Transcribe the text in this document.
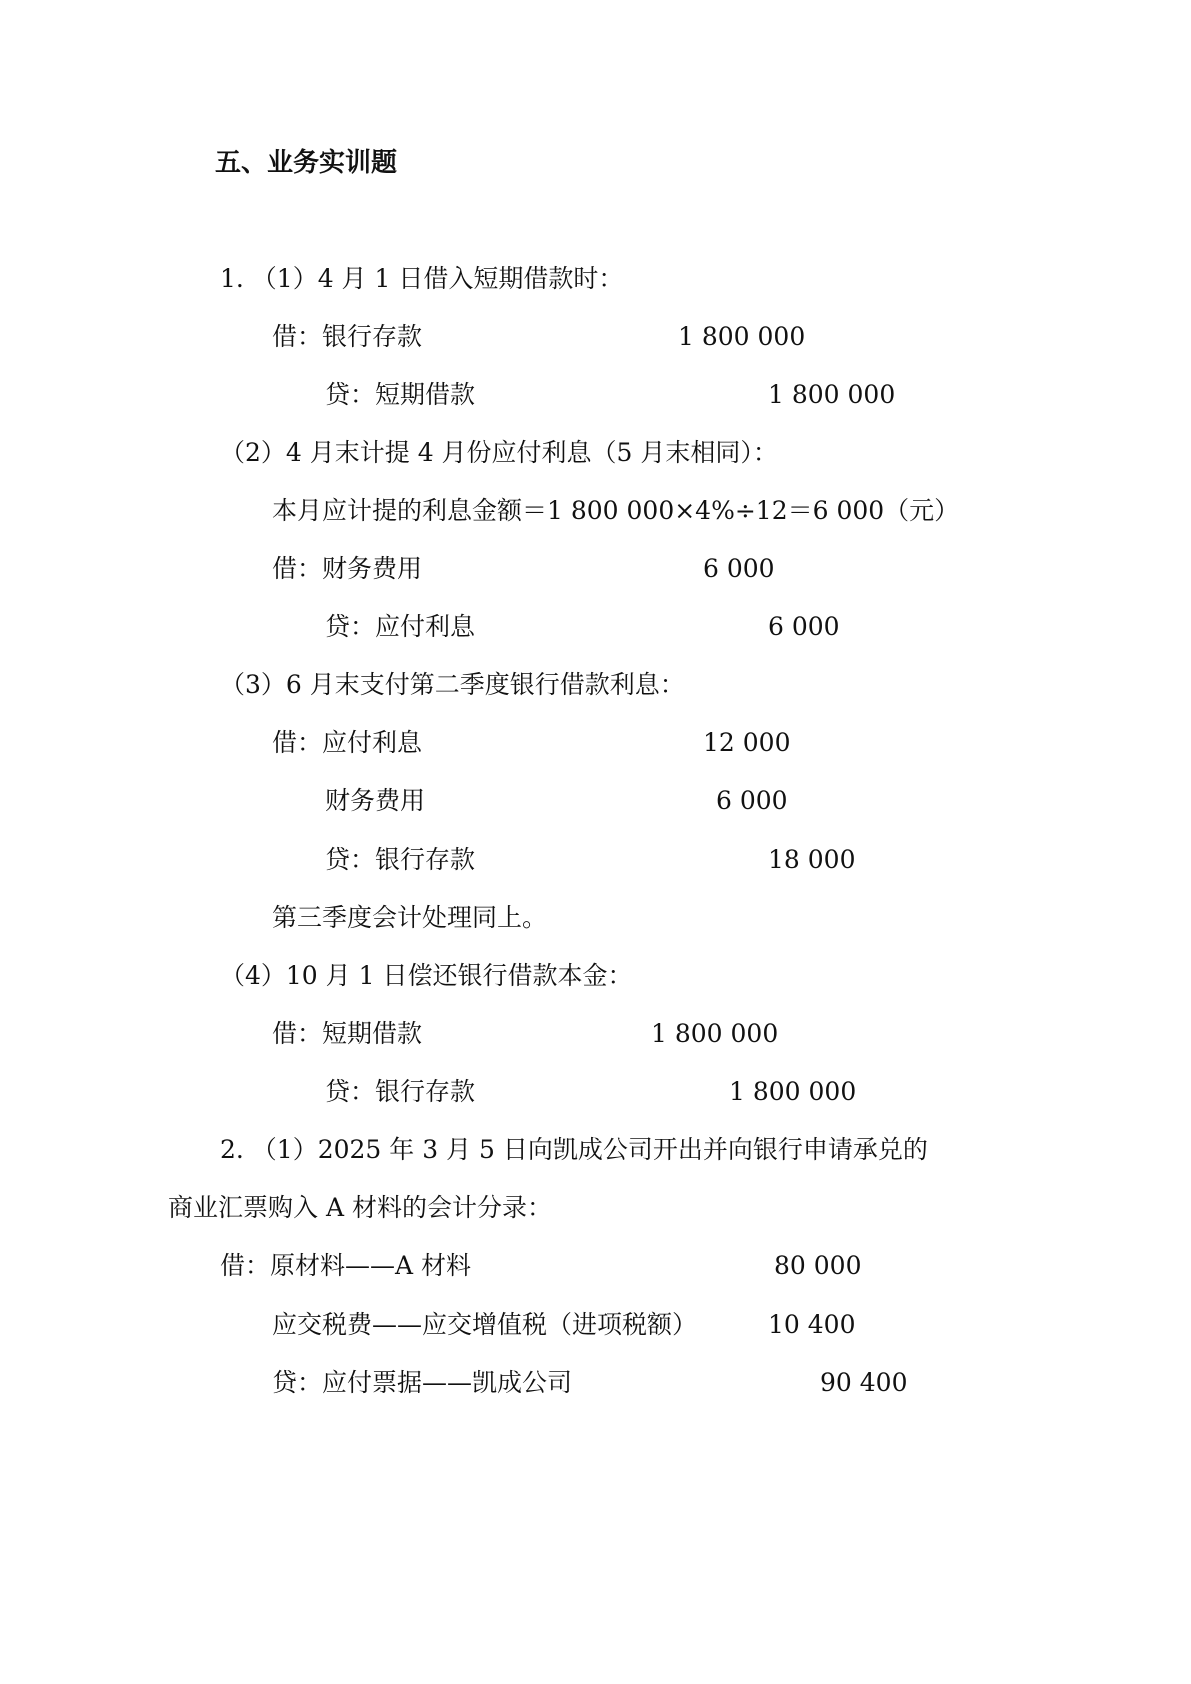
五、业务实训题
1. （1）4 月 1 日借入短期借款时：
借：银行存款	1 800 000
贷：短期借款	1 800 000
（2）4 月末计提 4 月份应付利息（5 月末相同）：
本月应计提的利息金额＝1 800 000×4%÷12＝6 000（元）
借：财务费用	6 000
贷：应付利息	6 000
（3）6 月末支付第二季度银行借款利息：
借：应付利息	12 000
财务费用	6 000
贷：银行存款	18 000
第三季度会计处理同上。
（4）10 月 1 日偿还银行借款本金：
借：短期借款	1 800 000
贷：银行存款	1 800 000
2. （1）2025 年 3 月 5 日向凯成公司开出并向银行申请承兑的
商业汇票购入 A 材料的会计分录：
借：原材料——A 材料	80 000
应交税费——应交增值税（进项税额）	10 400
贷：应付票据——凯成公司	90 400
